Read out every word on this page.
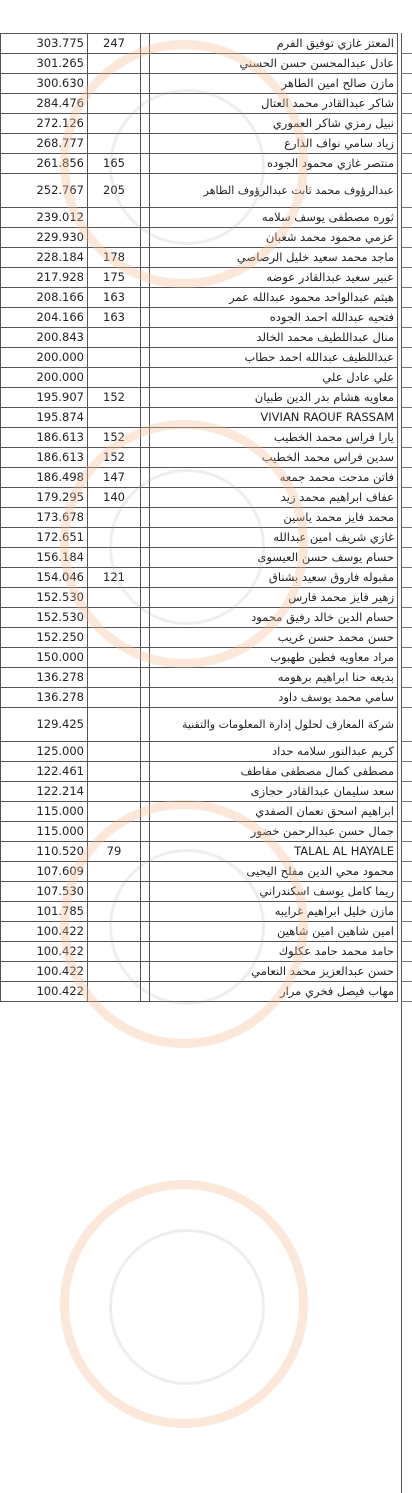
303.775	247		المعتز غازي توفيق الفرم
301.265			عادل عبدالمحسن حسن الحسني
300.630			مازن صالح امين الطاهر
284.476			شاكر عبدالقادر محمد العتال
272.126			نبيل رمزي شاكر العموري
268.777			زياد سامي نواف الذارع
261.856	165		منتصر غازي محمود الجوده
252.767	205		عبدالرؤوف محمد ثابت عبدالرؤوف الطاهر
239.012			ثوره مصطفى يوسف سلامه
229.930			عزمي محمود محمد شعبان
228.184	178		ماجد محمد سعيد خليل الرصاصي
217.928	175		عبير سعيد عبدالقادر عوضه
208.166	163		هيثم عبدالواحد محمود عبدالله عمر
204.166	163		فتحيه عبدالله احمد الجوده
200.843			منال عبداللطيف محمد الخالد
200.000			عبداللطيف عبدالله احمد حطاب
200.000			علي عادل علي
195.907	152		معاويه هشام بدر الدين طبيان
195.874			VIVIAN RAOUF RASSAM
186.613	152		يارا فراس محمد الخطيب
186.613	152		سدين فراس محمد الخطيب
186.498	147		فاتن مدحت محمد جمعه
179.295	140		عفاف ابراهيم محمد زيد
173.678			محمد فايز محمد ياسين
172.651			غازي شريف امين عبدالله
156.184			حسام يوسف حسن العيسوى
154.046	121		مقبوله فاروق سعيد بشناق
152.530			زهير فايز محمد فارس
152.530			حسام الدين خالد رفيق محمود
152.250			حسن محمد حسن غريب
150.000			مراد معاويه فطين طهبوب
136.278			بديعه حنا ابراهيم برهومه
136.278			سامي محمد يوسف داود
129.425			شركة المعارف لحلول إدارة المعلومات والتقنية
125.000			كريم عبدالنور سلامه حداد
122.461			مصطفى كمال مصطفى مقاطف
122.214			سعد سليمان عبدالقادر حجازى
115.000			ابراهيم اسحق نعمان الصفدي
115.000			جمال حسن عبدالرحمن خضور
110.520	79		TALAL AL HAYALE
107.609			محمود محي الدين مفلح اليحيى
107.530			ريما كامل يوسف اسكندراني
101.785			مازن خليل ابراهيم غرايبه
100.422			امين شاهين امين شاهين
100.422			حامد محمد حامد عكلوك
100.422			حسن عبدالعزيز محمد النعامي
100.422			مهاب فيصل فخري مرار
